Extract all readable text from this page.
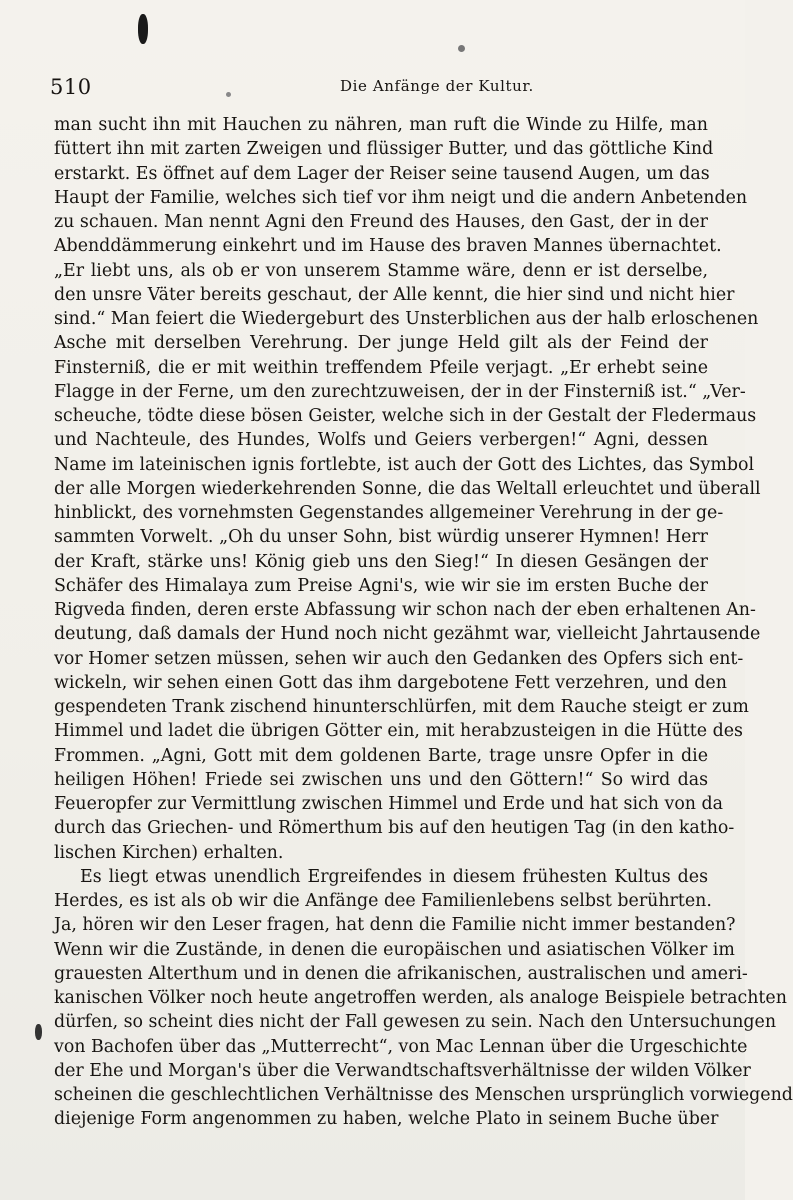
510	Die Anfänge der Kultur.
man sucht ihn mit Hauchen zu nähren, man ruft die Winde zu Hilfe, man
füttert ihn mit zarten Zweigen und flüssiger Butter, und das göttliche Kind
erstarkt. Es öffnet auf dem Lager der Reiser seine tausend Augen, um das
Haupt der Familie, welches sich tief vor ihm neigt und die andern Anbetenden
zu schauen. Man nennt Agni den Freund des Hauses, den Gast, der in der
Abenddämmerung einkehrt und im Hause des braven Mannes übernachtet.
„Er liebt uns, als ob er von unserem Stamme wäre, denn er ist derselbe,
den unsre Väter bereits geschaut, der Alle kennt, die hier sind und nicht hier
sind.“ Man feiert die Wiedergeburt des Unsterblichen aus der halb erloschenen
Asche mit derselben Verehrung. Der junge Held gilt als der Feind der
Finsterniß, die er mit weithin treffendem Pfeile verjagt. „Er erhebt seine
Flagge in der Ferne, um den zurechtzuweisen, der in der Finsterniß ist.“ „Ver-
scheuche, tödte diese bösen Geister, welche sich in der Gestalt der Fledermaus
und Nachteule, des Hundes, Wolfs und Geiers verbergen!“ Agni, dessen
Name im lateinischen ignis fortlebte, ist auch der Gott des Lichtes, das Symbol
der alle Morgen wiederkehrenden Sonne, die das Weltall erleuchtet und überall
hinblickt, des vornehmsten Gegenstandes allgemeiner Verehrung in der ge-
sammten Vorwelt. „Oh du unser Sohn, bist würdig unserer Hymnen! Herr
der Kraft, stärke uns! König gieb uns den Sieg!“ In diesen Gesängen der
Schäfer des Himalaya zum Preise Agni's, wie wir sie im ersten Buche der
Rigveda finden, deren erste Abfassung wir schon nach der eben erhaltenen An-
deutung, daß damals der Hund noch nicht gezähmt war, vielleicht Jahrtausende
vor Homer setzen müssen, sehen wir auch den Gedanken des Opfers sich ent-
wickeln, wir sehen einen Gott das ihm dargebotene Fett verzehren, und den
gespendeten Trank zischend hinunterschlürfen, mit dem Rauche steigt er zum
Himmel und ladet die übrigen Götter ein, mit herabzusteigen in die Hütte des
Frommen. „Agni, Gott mit dem goldenen Barte, trage unsre Opfer in die
heiligen Höhen! Friede sei zwischen uns und den Göttern!“ So wird das
Feueropfer zur Vermittlung zwischen Himmel und Erde und hat sich von da
durch das Griechen- und Römerthum bis auf den heutigen Tag (in den katho-
lischen Kirchen) erhalten.
Es liegt etwas unendlich Ergreifendes in diesem frühesten Kultus des
Herdes, es ist als ob wir die Anfänge dee Familienlebens selbst berührten.
Ja, hören wir den Leser fragen, hat denn die Familie nicht immer bestanden?
Wenn wir die Zustände, in denen die europäischen und asiatischen Völker im
grauesten Alterthum und in denen die afrikanischen, australischen und ameri-
kanischen Völker noch heute angetroffen werden, als analoge Beispiele betrachten
dürfen, so scheint dies nicht der Fall gewesen zu sein. Nach den Untersuchungen
von Bachofen über das „Mutterrecht“, von Mac Lennan über die Urgeschichte
der Ehe und Morgan's über die Verwandtschaftsverhältnisse der wilden Völker
scheinen die geschlechtlichen Verhältnisse des Menschen ursprünglich vorwiegend
diejenige Form angenommen zu haben, welche Plato in seinem Buche über
